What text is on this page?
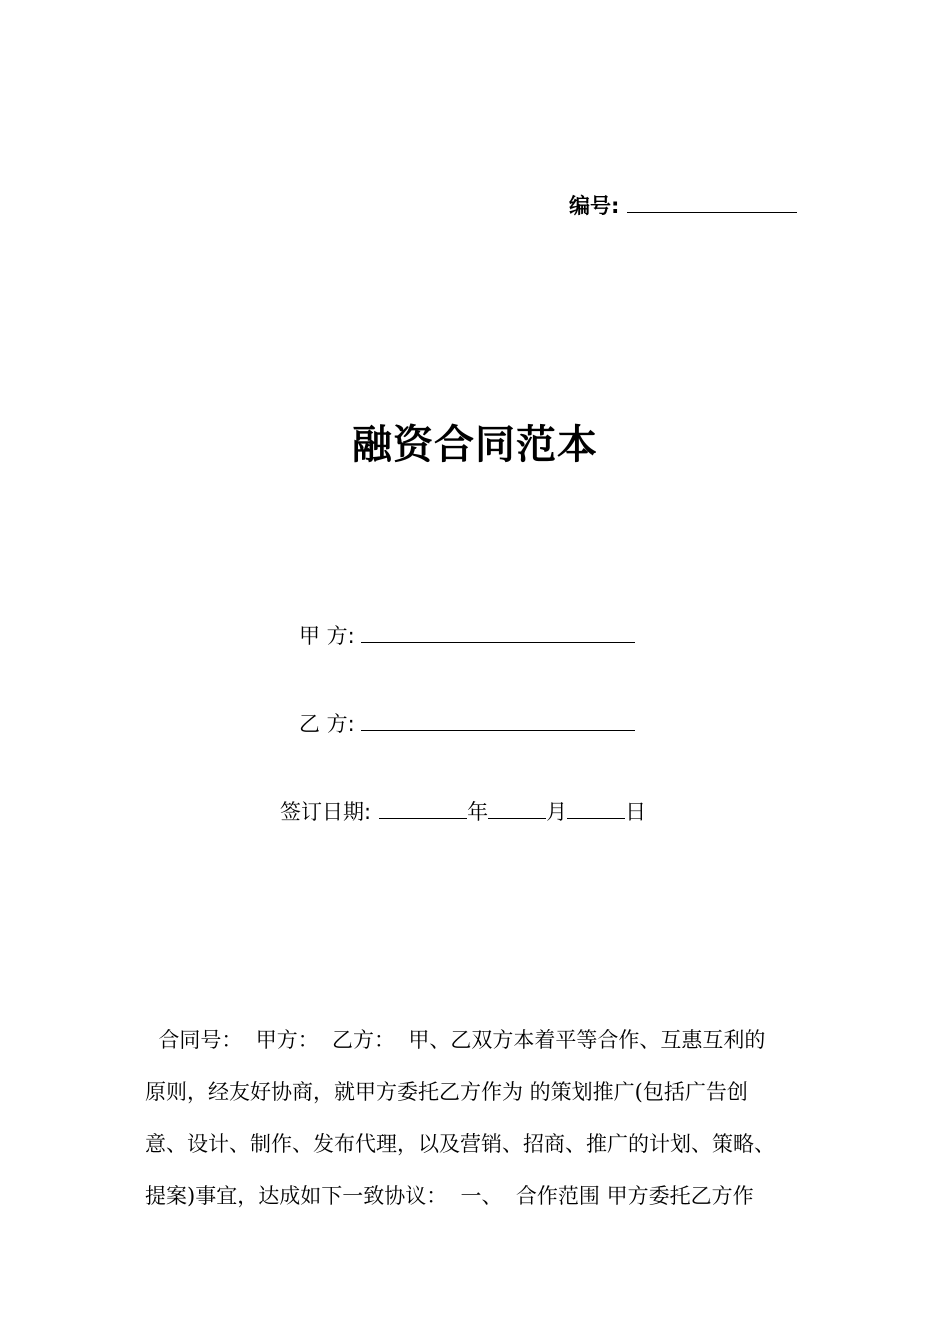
编号:
融资合同范本
甲 方:
乙 方:
签订日期:	年	月	日
合同号：  甲方：  乙方：  甲、乙双方本着平等合作、互惠互利的
原则，经友好协商，就甲方委托乙方作为 的策划推广(包括广告创
意、设计、制作、发布代理，以及营销、招商、推广的计划、策略、
提案)事宜，达成如下一致协议：  一、  合作范围 甲方委托乙方作
